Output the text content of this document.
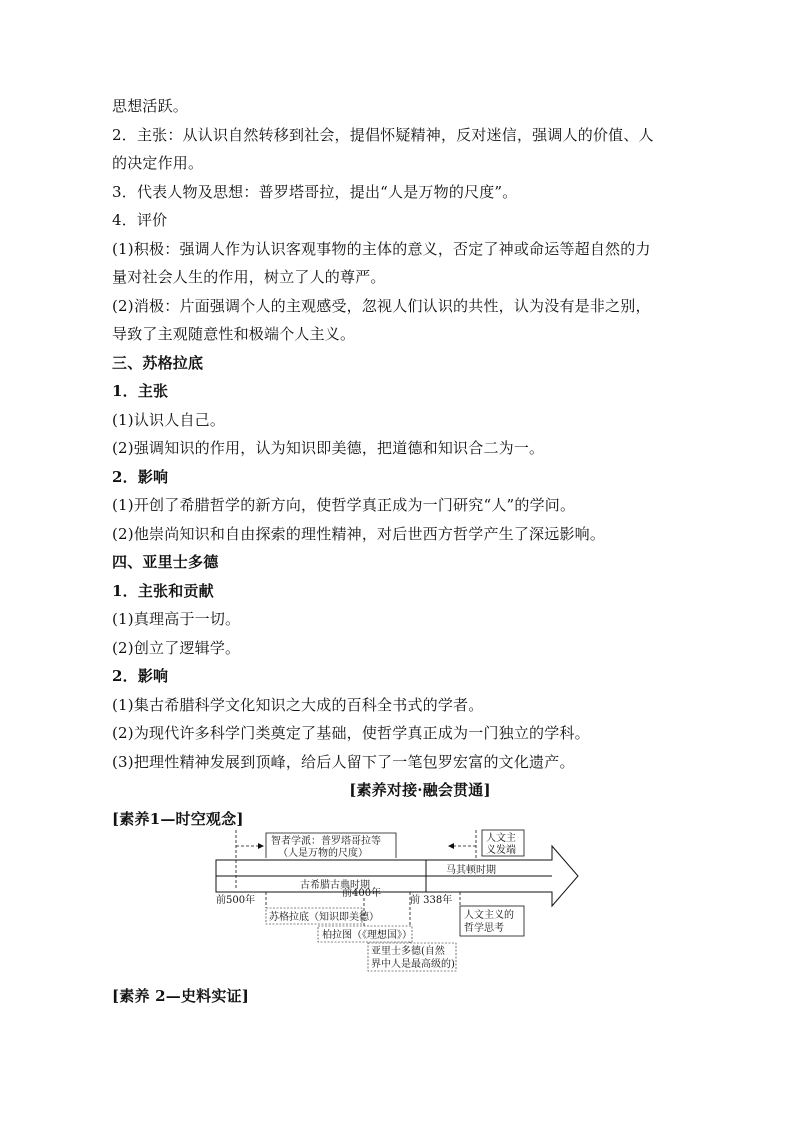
思想活跃。
2．主张：从认识自然转移到社会，提倡怀疑精神，反对迷信，强调人的价值、人
的决定作用。
3．代表人物及思想：普罗塔哥拉，提出“人是万物的尺度”。
4．评价
(1)积极：强调人作为认识客观事物的主体的意义，否定了神或命运等超自然的力
量对社会人生的作用，树立了人的尊严。
(2)消极：片面强调个人的主观感受，忽视人们认识的共性，认为没有是非之别，
导致了主观随意性和极端个人主义。
三、苏格拉底
1．主张
(1)认识人自己。
(2)强调知识的作用，认为知识即美德，把道德和知识合二为一。
2．影响
(1)开创了希腊哲学的新方向，使哲学真正成为一门研究“人”的学问。
(2)他崇尚知识和自由探索的理性精神，对后世西方哲学产生了深远影响。
四、亚里士多德
1．主张和贡献
(1)真理高于一切。
(2)创立了逻辑学。
2．影响
(1)集古希腊科学文化知识之大成的百科全书式的学者。
(2)为现代许多科学门类奠定了基础，使哲学真正成为一门独立的学科。
(3)把理性精神发展到顶峰，给后人留下了一笔包罗宏富的文化遗产。
[素养对接·融会贯通]
[素养1—时空观念]
智者学派：普罗塔哥拉等
（人是万物的尺度）
人文主
义发端
古希腊古典时期
马其顿时期
前500年
前400年
前 338年
苏格拉底（知识即美德）
柏拉图（《理想国》）
亚里士多德(自然
界中人是最高级的)
人文主义的
哲学思考
[素养 2—史料实证]
